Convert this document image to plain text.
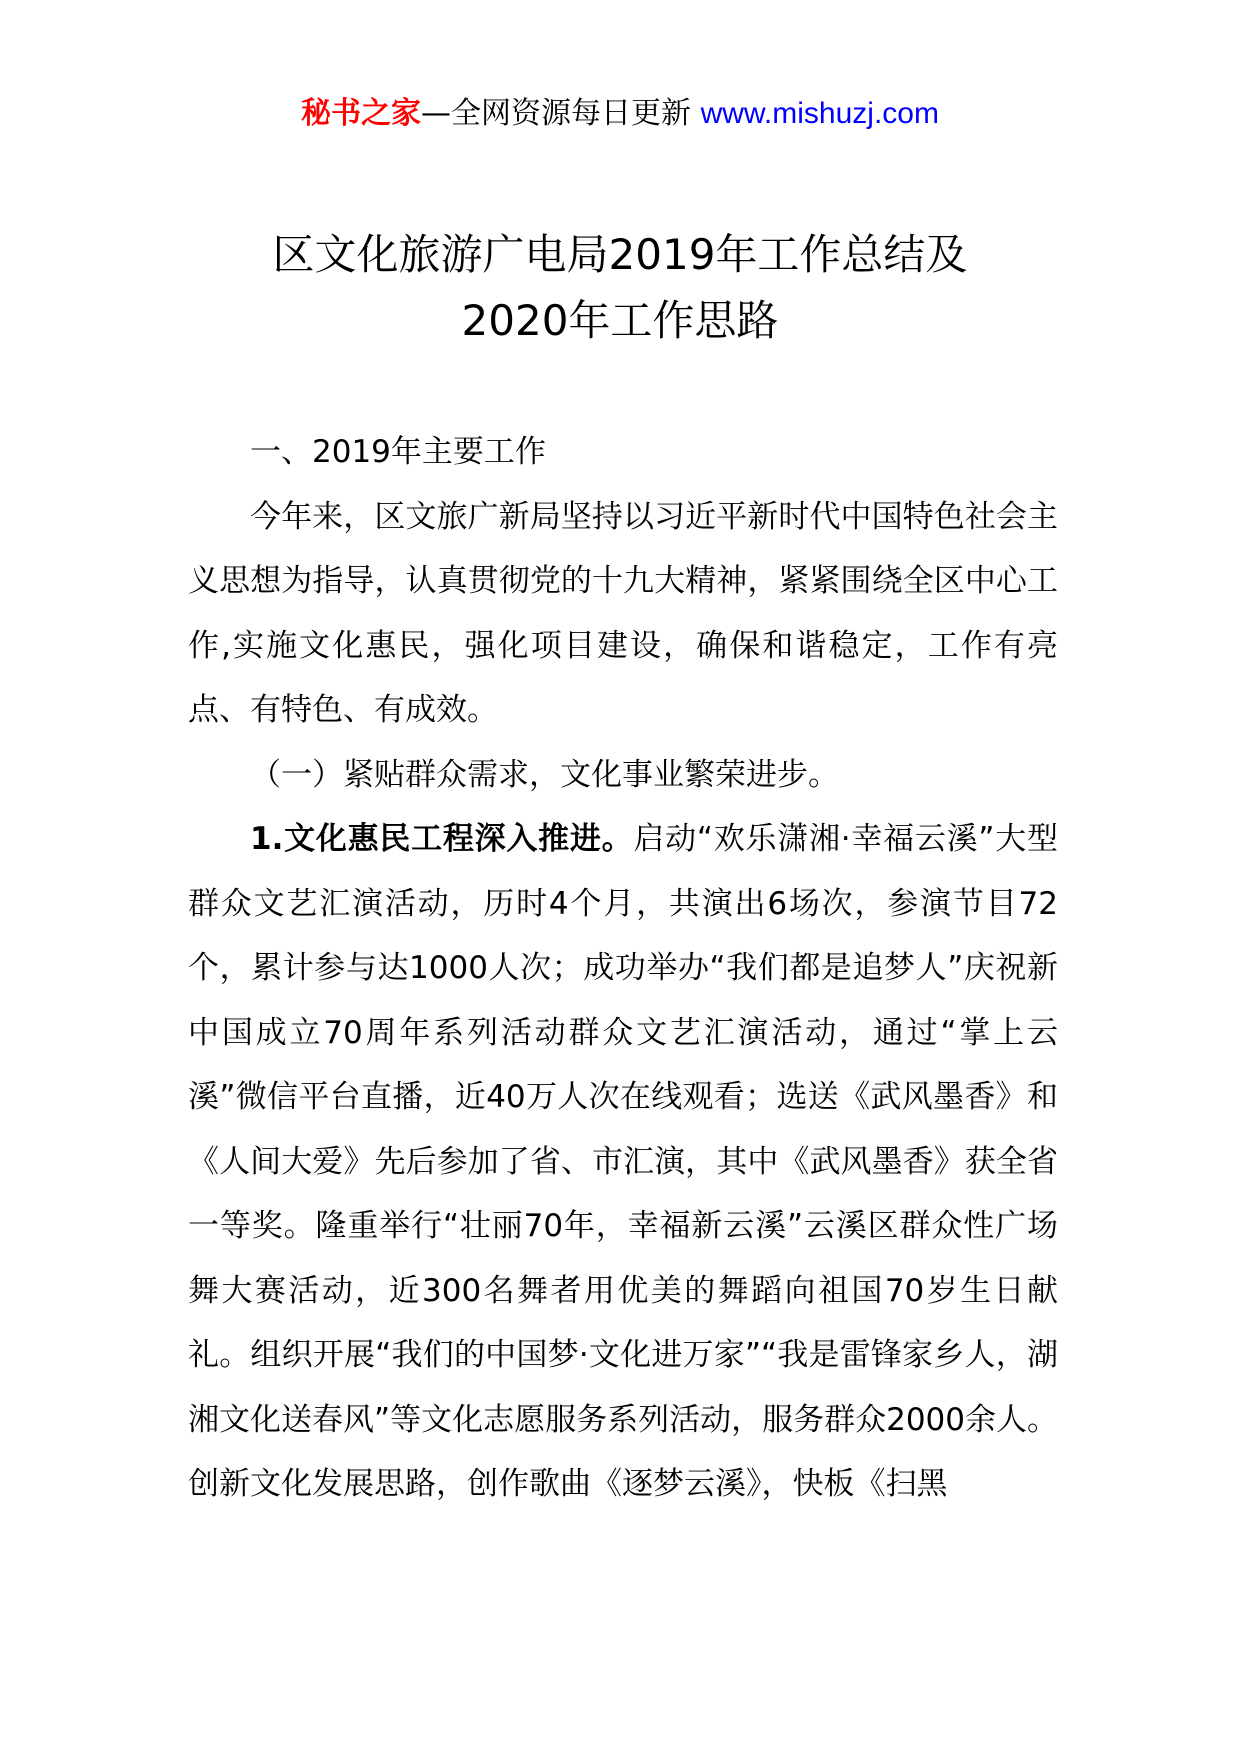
秘书之家—全网资源每日更新 www.mishuzj.com
区文化旅游广电局2019年工作总结及
2020年工作思路

一、2019年主要工作

今年来，区文旅广新局坚持以习近平新时代中国特色社会主义思想为指导，认真贯彻党的十九大精神，紧紧围绕全区中心工作,实施文化惠民，强化项目建设，确保和谐稳定，工作有亮点、有特色、有成效。

（一）紧贴群众需求，文化事业繁荣进步。

1.文化惠民工程深入推进。启动“欢乐潇湘·幸福云溪”大型群众文艺汇演活动，历时4个月，共演出6场次，参演节目72个，累计参与达1000人次；成功举办“我们都是追梦人”庆祝新中国成立70周年系列活动群众文艺汇演活动，通过“掌上云溪”微信平台直播，近40万人次在线观看；选送《武风墨香》和《人间大爱》先后参加了省、市汇演，其中《武风墨香》获全省一等奖。隆重举行“壮丽70年，幸福新云溪”云溪区群众性广场舞大赛活动，近300名舞者用优美的舞蹈向祖国70岁生日献礼。组织开展“我们的中国梦·文化进万家”“我是雷锋家乡人，湖湘文化送春风”等文化志愿服务系列活动，服务群众2000余人。创新文化发展思路，创作歌曲《逐梦云溪》，快板《扫黑
